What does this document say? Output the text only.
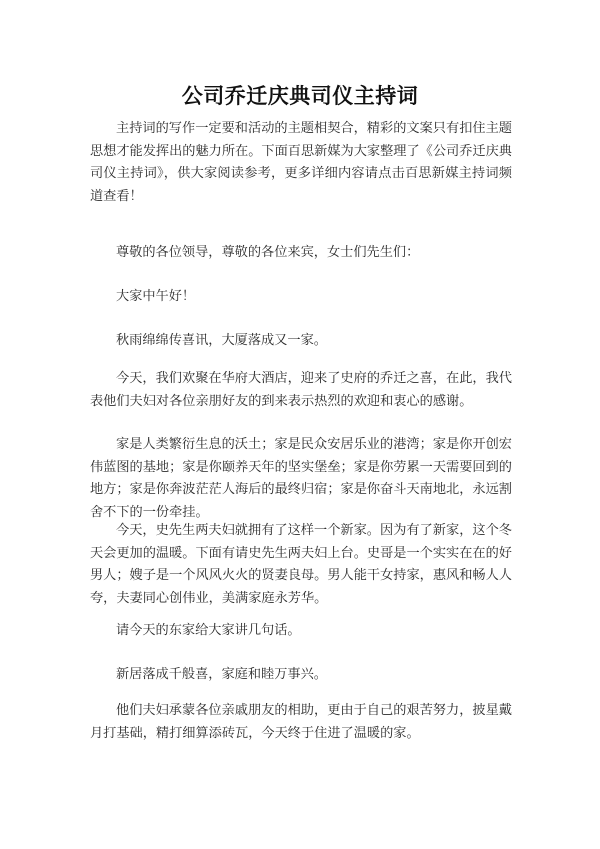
公司乔迁庆典司仪主持词
主持词的写作一定要和活动的主题相契合，精彩的文案只有扣住主题思想才能发挥出的魅力所在。下面百思新媒为大家整理了《公司乔迁庆典司仪主持词》，供大家阅读参考，更多详细内容请点击百思新媒主持词频道查看！
尊敬的各位领导，尊敬的各位来宾，女士们先生们：
大家中午好！
秋雨绵绵传喜讯，大厦落成又一家。
今天，我们欢聚在华府大酒店，迎来了史府的乔迁之喜，在此，我代表他们夫妇对各位亲朋好友的到来表示热烈的欢迎和衷心的感谢。
家是人类繁衍生息的沃土；家是民众安居乐业的港湾；家是你开创宏伟蓝图的基地；家是你颐养天年的坚实堡垒；家是你劳累一天需要回到的地方；家是你奔波茫茫人海后的最终归宿；家是你奋斗天南地北，永远割舍不下的一份牵挂。
今天，史先生两夫妇就拥有了这样一个新家。因为有了新家，这个冬天会更加的温暖。下面有请史先生两夫妇上台。史哥是一个实实在在的好男人；嫂子是一个风风火火的贤妻良母。男人能干女持家，惠风和畅人人夸，夫妻同心创伟业，美满家庭永芳华。
请今天的东家给大家讲几句话。
新居落成千般喜，家庭和睦万事兴。
他们夫妇承蒙各位亲戚朋友的相助，更由于自己的艰苦努力，披星戴月打基础，精打细算添砖瓦，今天终于住进了温暖的家。
